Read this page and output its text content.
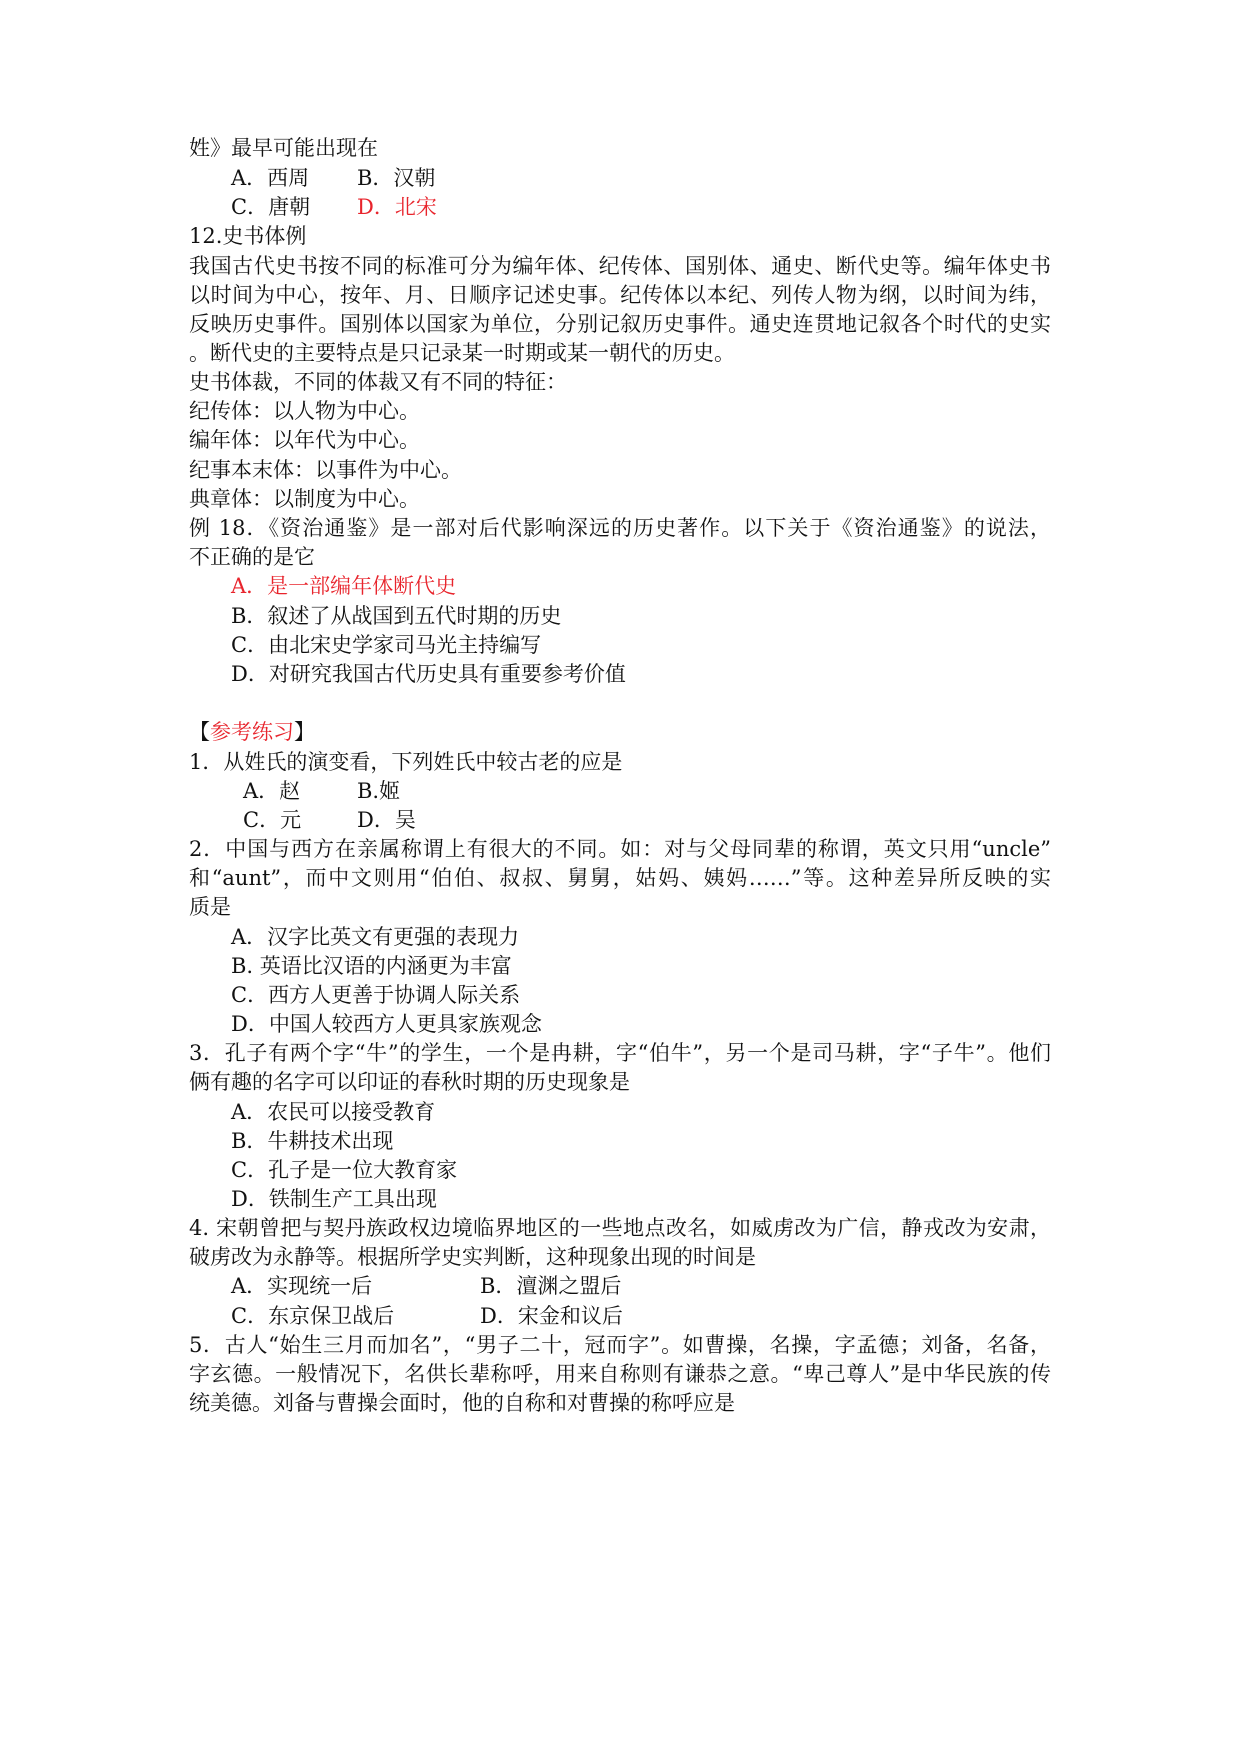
姓》最早可能出现在
A．西周 B．汉朝
C．唐朝 D．北宋
12.史书体例
我国古代史书按不同的标准可分为编年体、纪传体、国别体、通史、断代史等。编年体史书
以时间为中心，按年、月、日顺序记述史事。纪传体以本纪、列传人物为纲，以时间为纬，
反映历史事件。国别体以国家为单位，分别记叙历史事件。通史连贯地记叙各个时代的史实
。断代史的主要特点是只记录某一时期或某一朝代的历史。
史书体裁，不同的体裁又有不同的特征：
纪传体：以人物为中心。
编年体：以年代为中心。
纪事本末体：以事件为中心。
典章体：以制度为中心。
例 18．《资治通鉴》是一部对后代影响深远的历史著作。以下关于《资治通鉴》的说法，
不正确的是它
A．是一部编年体断代史
B．叙述了从战国到五代时期的历史
C．由北宋史学家司马光主持编写
D．对研究我国古代历史具有重要参考价值
【参考练习】
1．从姓氏的演变看，下列姓氏中较古老的应是
A．赵	B.姬
C．元	D．吴
2．中国与西方在亲属称谓上有很大的不同。如：对与父母同辈的称谓，英文只用“uncle”
和“aunt”，而中文则用“伯伯、叔叔、舅舅，姑妈、姨妈……”等。这种差异所反映的实
质是
A．汉字比英文有更强的表现力
B. 英语比汉语的内涵更为丰富
C．西方人更善于协调人际关系
D．中国人较西方人更具家族观念
3．孔子有两个字“牛”的学生，一个是冉耕，字“伯牛”，另一个是司马耕，字“子牛”。他们
俩有趣的名字可以印证的春秋时期的历史现象是
A．农民可以接受教育
B．牛耕技术出现
C．孔子是一位大教育家
D．铁制生产工具出现
4. 宋朝曾把与契丹族政权边境临界地区的一些地点改名，如威虏改为广信，静戎改为安肃，
破虏改为永静等。根据所学史实判断，这种现象出现的时间是
A．实现统一后	B．澶渊之盟后
C．东京保卫战后	D．宋金和议后
5．古人“始生三月而加名”，“男子二十，冠而字”。如曹操，名操，字孟德；刘备，名备，
字玄德。一般情况下，名供长辈称呼，用来自称则有谦恭之意。“卑己尊人”是中华民族的传
统美德。刘备与曹操会面时，他的自称和对曹操的称呼应是
